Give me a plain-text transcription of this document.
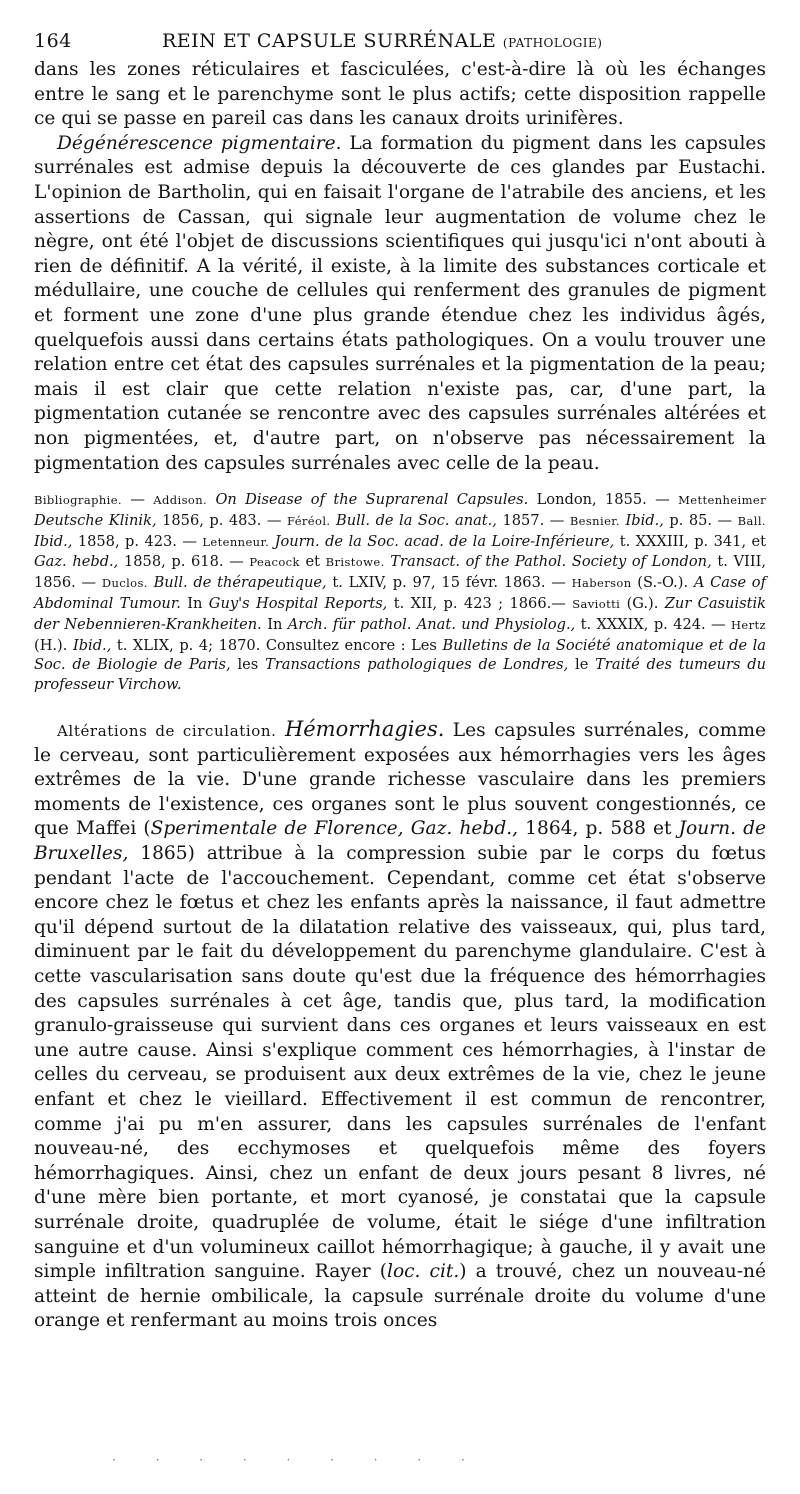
164	REIN ET CAPSULE SURRÉNALE (PATHOLOGIE)

dans les zones réticulaires et fasciculées, c'est-à-dire là où les échanges entre le sang et le parenchyme sont le plus actifs; cette disposition rappelle ce qui se passe en pareil cas dans les canaux droits urinifères.

Dégénérescence pigmentaire. La formation du pigment dans les capsules surrénales est admise depuis la découverte de ces glandes par Eustachi. L'opinion de Bartholin, qui en faisait l'organe de l'atrabile des anciens, et les assertions de Cassan, qui signale leur augmentation de volume chez le nègre, ont été l'objet de discussions scientifiques qui jusqu'ici n'ont abouti à rien de définitif. A la vérité, il existe, à la limite des substances corticale et médullaire, une couche de cellules qui renferment des granules de pigment et forment une zone d'une plus grande étendue chez les individus âgés, quelquefois aussi dans certains états pathologiques. On a voulu trouver une relation entre cet état des capsules surrénales et la pigmentation de la peau; mais il est clair que cette relation n'existe pas, car, d'une part, la pigmentation cutanée se rencontre avec des capsules surrénales altérées et non pigmentées, et, d'autre part, on n'observe pas nécessairement la pigmentation des capsules surrénales avec celle de la peau.

Bibliographie. — Addison. On Disease of the Suprarenal Capsules. London, 1855. — Mettenheimer Deutsche Klinik, 1856, p. 483. — Féréol. Bull. de la Soc. anat., 1857. — Besnier. Ibid., p. 85. — Ball. Ibid., 1858, p. 423. — Letenneur. Journ. de la Soc. acad. de la Loire-Inférieure, t. XXXIII, p. 341, et Gaz. hebd., 1858, p. 618. — Peacock et Bristowe. Transact. of the Pathol. Society of London, t. VIII, 1856. — Duclos. Bull. de thérapeutique, t. LXIV, p. 97, 15 févr. 1863. — Haberson (S.-O.). A Case of Abdominal Tumour. In Guy's Hospital Reports, t. XII, p. 423 ; 1866.— Saviotti (G.). Zur Casuistik der Nebennieren-Krankheiten. In Arch. für pathol. Anat. und Physiolog., t. XXXIX, p. 424. — Hertz (H.). Ibid., t. XLIX, p. 4; 1870. Consultez encore : Les Bulletins de la Société anatomique et de la Soc. de Biologie de Paris, les Transactions pathologiques de Londres, le Traité des tumeurs du professeur Virchow.

Altérations de circulation. Hémorrhagies. Les capsules surrénales, comme le cerveau, sont particulièrement exposées aux hémorrhagies vers les âges extrêmes de la vie. D'une grande richesse vasculaire dans les premiers moments de l'existence, ces organes sont le plus souvent congestionnés, ce que Maffei (Sperimentale de Florence, Gaz. hebd., 1864, p. 588 et Journ. de Bruxelles, 1865) attribue à la compression subie par le corps du fœtus pendant l'acte de l'accouchement. Cependant, comme cet état s'observe encore chez le fœtus et chez les enfants après la naissance, il faut admettre qu'il dépend surtout de la dilatation relative des vaisseaux, qui, plus tard, diminuent par le fait du développement du parenchyme glandulaire. C'est à cette vascularisation sans doute qu'est due la fréquence des hémorrhagies des capsules surrénales à cet âge, tandis que, plus tard, la modification granulo-graisseuse qui survient dans ces organes et leurs vaisseaux en est une autre cause. Ainsi s'explique comment ces hémorrhagies, à l'instar de celles du cerveau, se produisent aux deux extrêmes de la vie, chez le jeune enfant et chez le vieillard. Effectivement il est commun de rencontrer, comme j'ai pu m'en assurer, dans les capsules surrénales de l'enfant nouveau-né, des ecchymoses et quelquefois même des foyers hémorrhagiques. Ainsi, chez un enfant de deux jours pesant 8 livres, né d'une mère bien portante, et mort cyanosé, je constatai que la capsule surrénale droite, quadruplée de volume, était le siége d'une infiltration sanguine et d'un volumineux caillot hémorrhagique; à gauche, il y avait une simple infiltration sanguine. Rayer (loc. cit.) a trouvé, chez un nouveau-né atteint de hernie ombilicale, la capsule surrénale droite du volume d'une orange et renfermant au moins trois onces

· · · · · · · · ·
